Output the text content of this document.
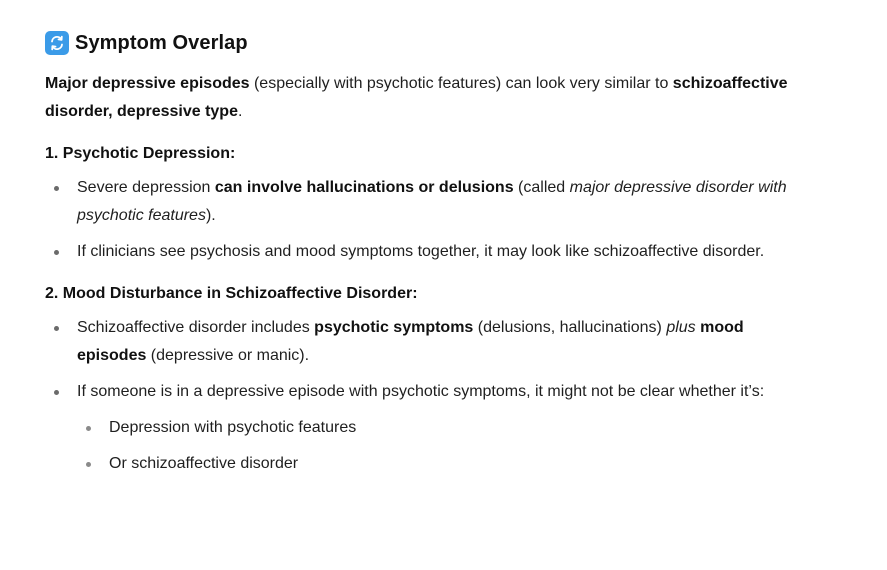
Symptom Overlap

Major depressive episodes (especially with psychotic features) can look very similar to schizoaffective disorder, depressive type.

1. Psychotic Depression:
Severe depression can involve hallucinations or delusions (called major depressive disorder with psychotic features).
If clinicians see psychosis and mood symptoms together, it may look like schizoaffective disorder.
2. Mood Disturbance in Schizoaffective Disorder:
Schizoaffective disorder includes psychotic symptoms (delusions, hallucinations) plus mood episodes (depressive or manic).
If someone is in a depressive episode with psychotic symptoms, it might not be clear whether it’s:
Depression with psychotic features
Or schizoaffective disorder
